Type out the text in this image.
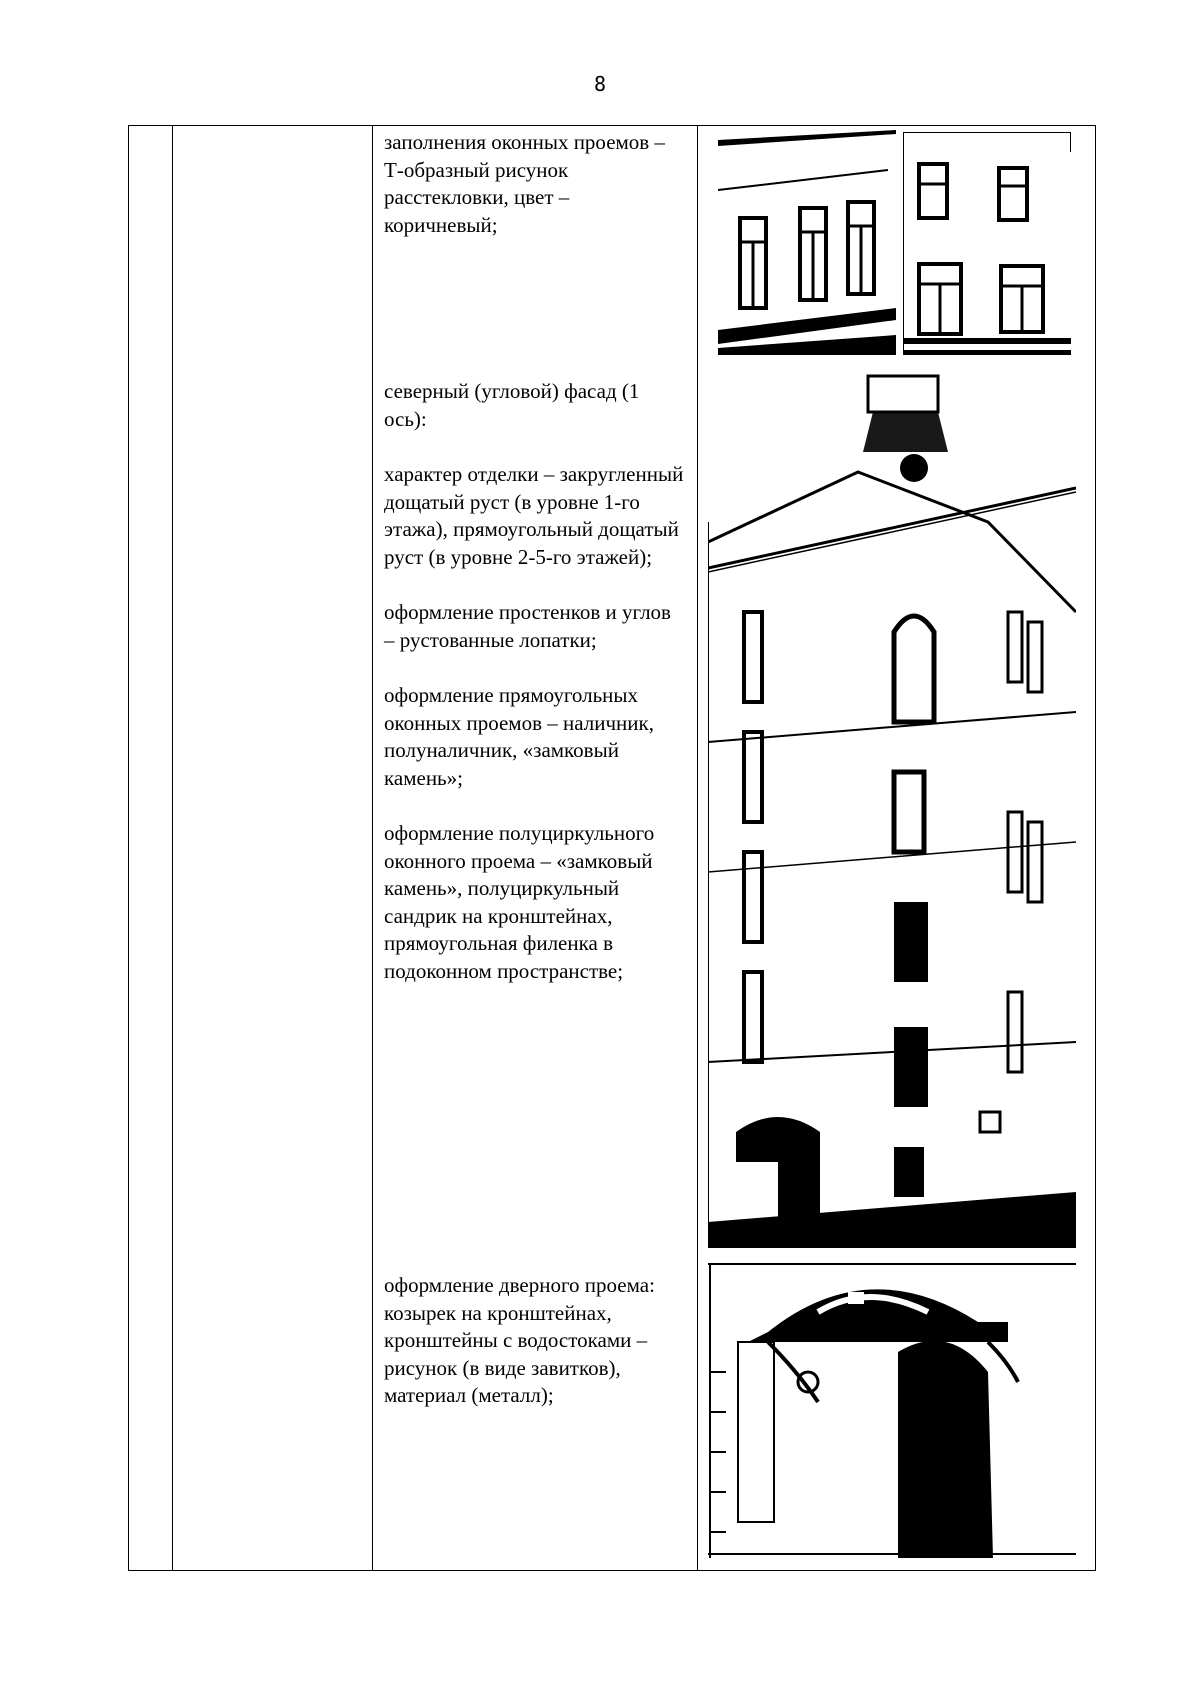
8

заполнения оконных проемов –Т-образный рисунок расстекловки, цвет – коричневый;

северный (угловой) фасад (1 ось):

характер отделки – закругленный дощатый руст (в уровне 1-го этажа), прямоугольный дощатый руст (в уровне 2-5-го этажей);

оформление простенков и углов – рустованные лопатки;

оформление прямоугольных оконных проемов – наличник, полуналичник, «замковый камень»;

оформление полуциркульного оконного проема – «замковый камень», полуциркульный сандрик на кронштейнах, прямоугольная филенка в подоконном пространстве;

оформление дверного проема:

козырек на кронштейнах, кронштейны с водостоками – рисунок (в виде завитков), материал (металл);
